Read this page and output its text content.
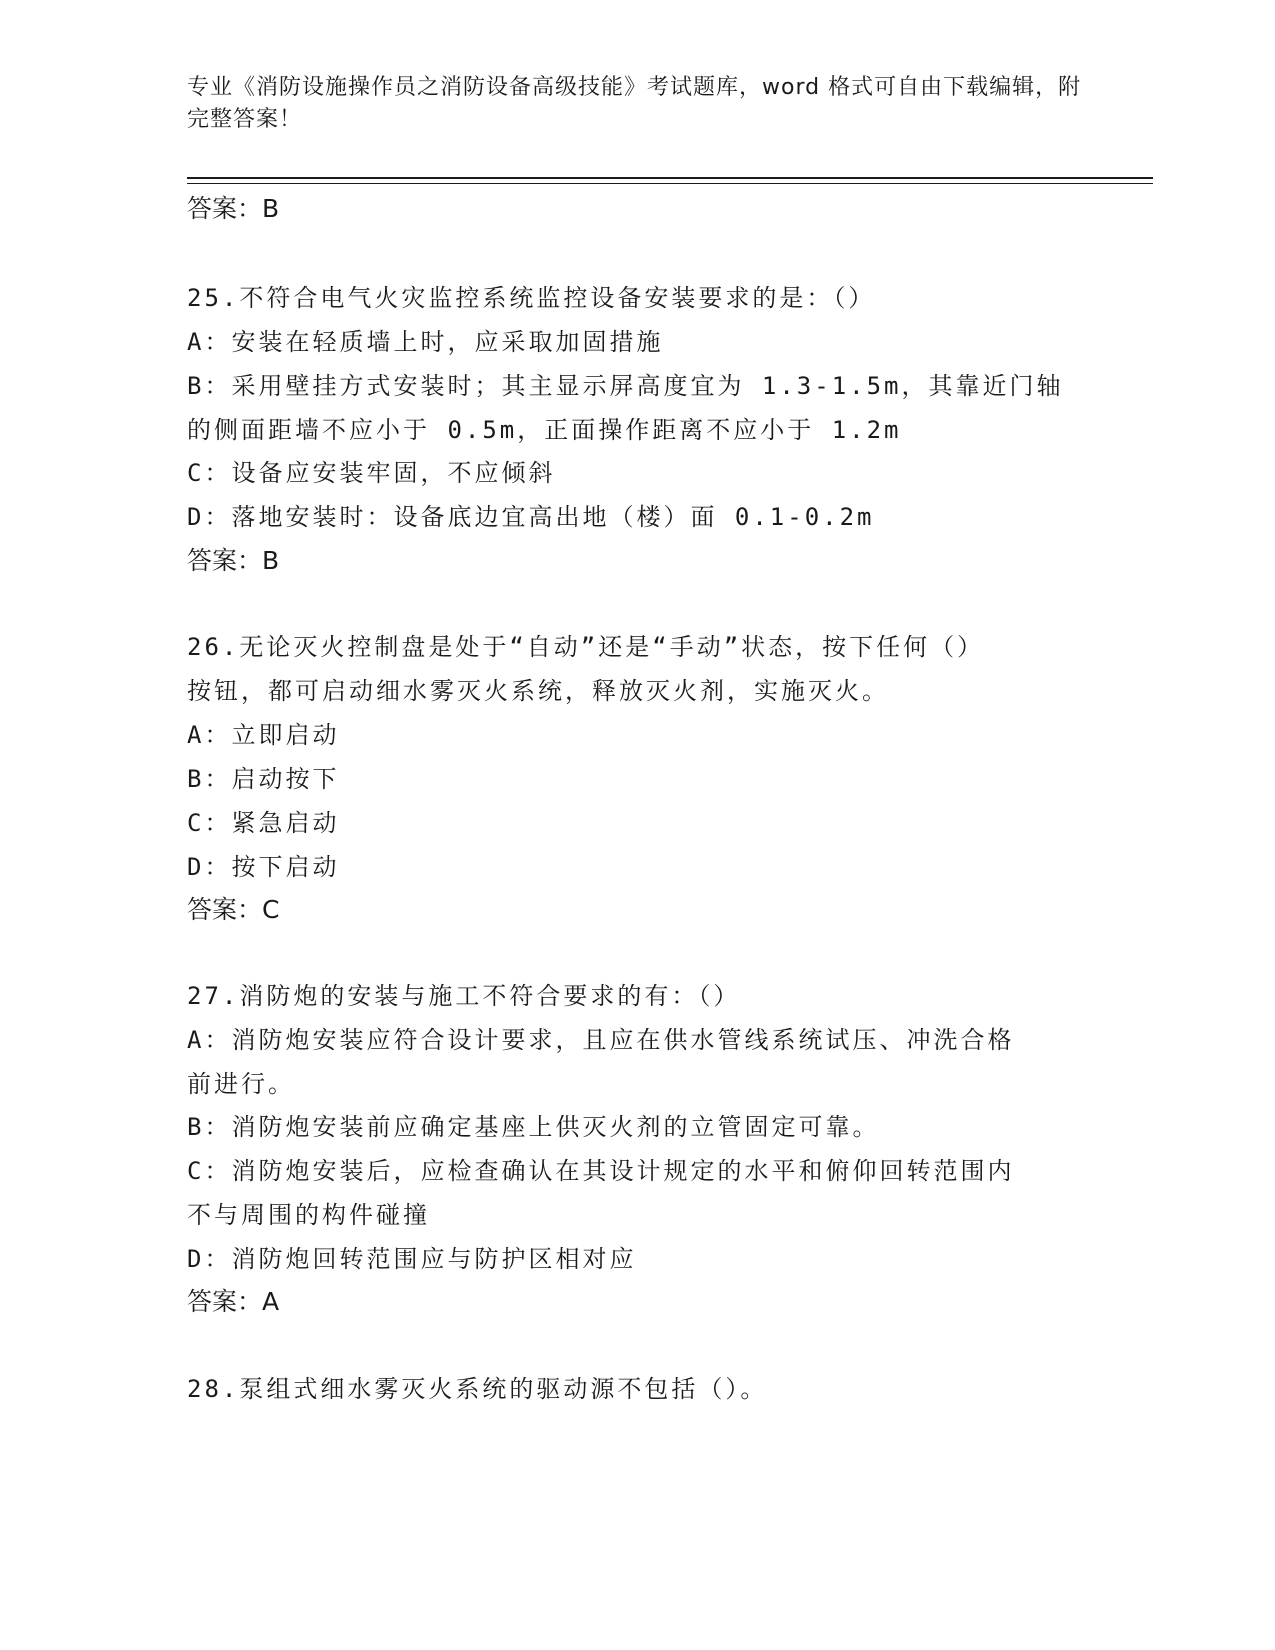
专业《消防设施操作员之消防设备高级技能》考试题库，word 格式可自由下载编辑，附完整答案！
答案：B
25.不符合电气火灾监控系统监控设备安装要求的是：（）
A：安装在轻质墙上时，应采取加固措施
B：采用壁挂方式安装时；其主显示屏高度宜为 1.3-1.5m，其靠近门轴
的侧面距墙不应小于 0.5m，正面操作距离不应小于 1.2m
C：设备应安装牢固，不应倾斜
D：落地安装时：设备底边宜高出地（楼）面 0.1-0.2m
答案：B
26.无论灭火控制盘是处于“自动”还是“手动”状态，按下任何（）
按钮，都可启动细水雾灭火系统，释放灭火剂，实施灭火。
A：立即启动
B：启动按下
C：紧急启动
D：按下启动
答案：C
27.消防炮的安装与施工不符合要求的有：（）
A：消防炮安装应符合设计要求，且应在供水管线系统试压、冲洗合格
前进行。
B：消防炮安装前应确定基座上供灭火剂的立管固定可靠。
C：消防炮安装后，应检查确认在其设计规定的水平和俯仰回转范围内
不与周围的构件碰撞
D：消防炮回转范围应与防护区相对应
答案：A
28.泵组式细水雾灭火系统的驱动源不包括（）。
